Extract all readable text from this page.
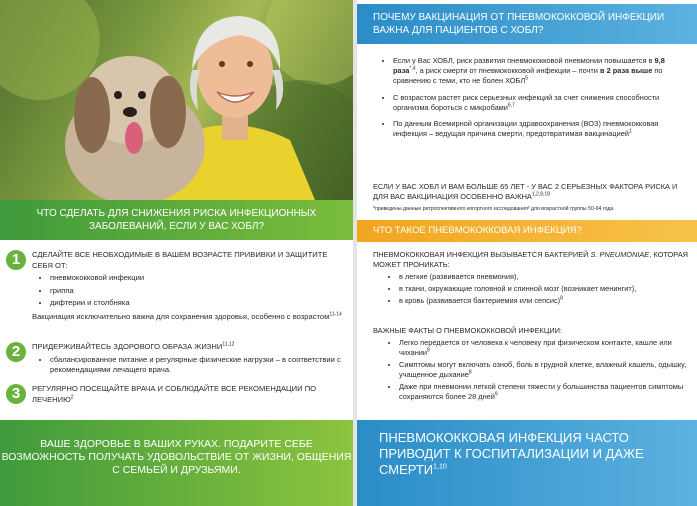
ЧТО СДЕЛАТЬ ДЛЯ СНИЖЕНИЯ РИСКА ИНФЕКЦИОННЫХ ЗАБОЛЕВАНИЙ, ЕСЛИ У ВАС ХОБЛ?
1	СДЕЛАЙТЕ ВСЕ НЕОБХОДИМЫЕ В ВАШЕМ ВОЗРАСТЕ ПРИВИВКИ И ЗАЩИТИТЕ СЕБЯ ОТ:

• пневмококковой инфекции
• гриппа
• дифтерии и столбняка

Вакцинация исключительно важна для сохранения здоровья, особенно с возрастом$^{11-14}$

2	ПРИДЕРЖИВАЙТЕСЬ ЗДОРОВОГО ОБРАЗА ЖИЗНИ$^{11,12}$

• сбалансированное питание и регулярные физические нагрузки – в соответствии с рекомендациями лечащего врача.
3	РЕГУЛЯРНО ПОСЕЩАЙТЕ ВРАЧА И СОБЛЮДАЙТЕ ВСЕ РЕКОМЕНДАЦИИ ПО ЛЕЧЕНИЮ$^2$

ВАШЕ ЗДОРОВЬЕ В ВАШИХ РУКАХ. ПОДАРИТЕ СЕБЕ ВОЗМОЖНОСТЬ ПОЛУЧАТЬ УДОВОЛЬСТВИЕ ОТ ЖИЗНИ, ОБЩЕНИЯ С СЕМЬЕЙ И ДРУЗЬЯМИ.
ПОЧЕМУ ВАКЦИНАЦИЯ ОТ ПНЕВМОКОККОВОЙ ИНФЕКЦИИ ВАЖНА ДЛЯ ПАЦИЕНТОВ С ХОБЛ?
• Если у Вас ХОБЛ, риск развития пневмококковой пневмонии повышается в 9,8 раза$^{*,4}$, а риск смерти от пневмококковой инфекции – почти в 2 раза выше по сравнению с теми, кто не болен ХОБЛ$^5$
• С возрастом растет риск серьезных инфекций за счет снижения способности организма бороться с микробами$^{6,7}$
• По данным Всемирной организации здравоохранения (ВОЗ) пневмококковая инфекция – ведущая причина смерти, предотвратимая вакцинацией$^1$
ЕСЛИ У ВАС ХОБЛ И ВАМ БОЛЬШЕ 65 ЛЕТ - У ВАС 2 СЕРЬЕЗНЫХ ФАКТОРА РИСКА И ДЛЯ ВАС ВАКЦИНАЦИЯ ОСОБЕННО ВАЖНА$^{1,2,8,18}$
*приведены данные ретроспективного когортного исследования³ для возрастной группы 50-64 года
ЧТО ТАКОЕ ПНЕВМОКОККОВАЯ ИНФЕКЦИЯ?
ПНЕВМОКОККОВАЯ ИНФЕКЦИЯ ВЫЗЫВАЕТСЯ БАКТЕРИЕЙ S. PNEUMONIAE, КОТОРАЯ МОЖЕТ ПРОНИКАТЬ:
• в легкие (развивается пневмония),
• в ткани, окружающие головной и спинной мозг (возникает менингит),
• в кровь (развивается бактериемия или сепсис)$^8$
ВАЖНЫЕ ФАКТЫ О ПНЕВМОКОККОВОЙ ИНФЕКЦИИ:
• Легко передается от человека к человеку при физическом контакте, кашле или чихании$^8$
• Симптомы могут включать озноб, боль в грудной клетке, влажный кашель, одышку, учащенное дыхание$^8$
• Даже при пневмонии легкой степени тяжести у большинства пациентов симптомы сохраняются более 28 дней$^9$
ПНЕВМОКОККОВАЯ ИНФЕКЦИЯ ЧАСТО ПРИВОДИТ К ГОСПИТАЛИЗАЦИИ И ДАЖЕ СМЕРТИ$^{1,10}$
